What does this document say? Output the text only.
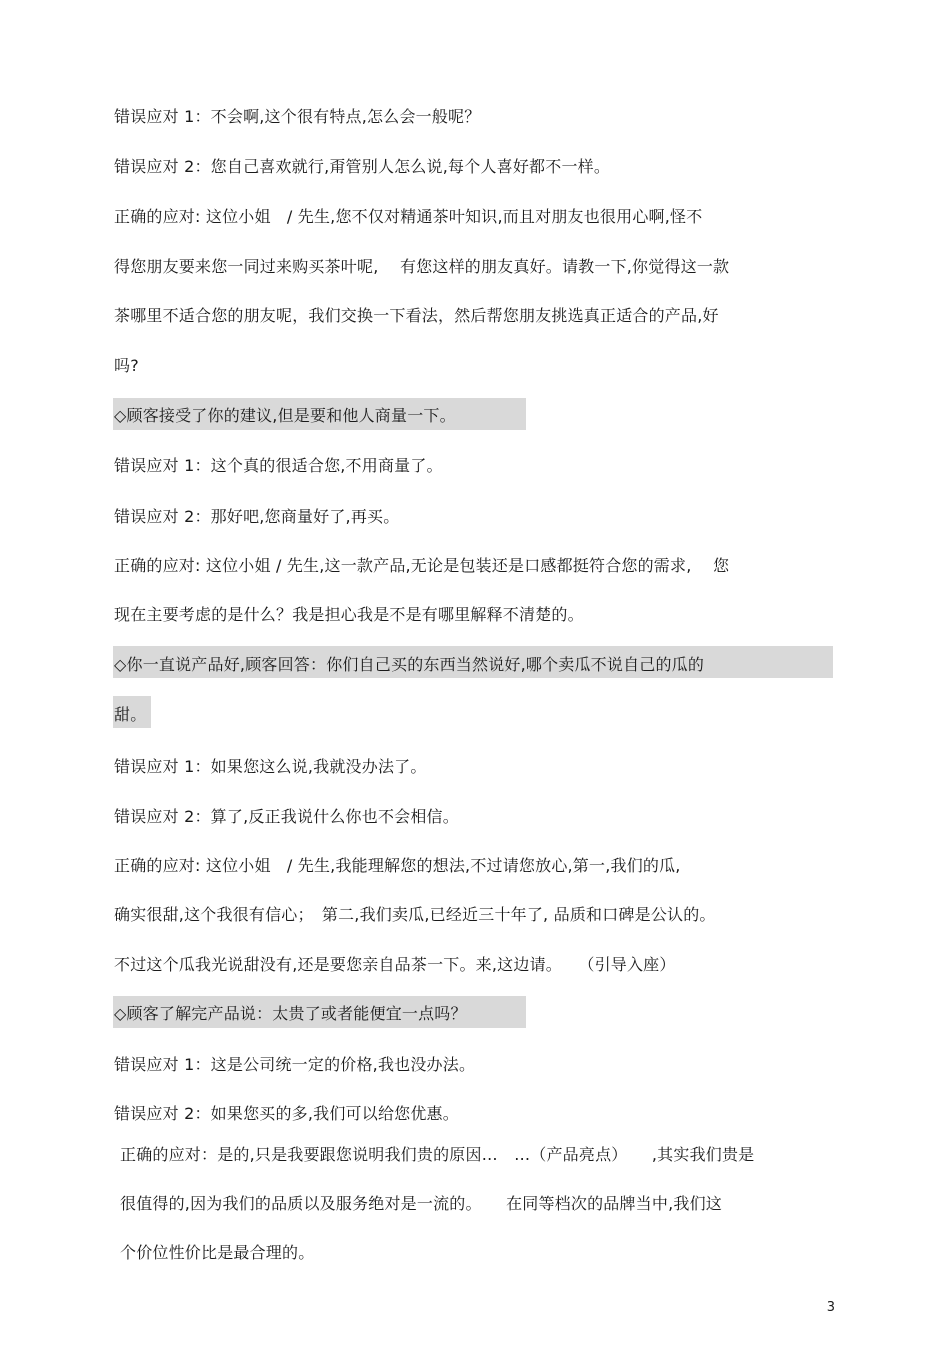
错误应对 1：不会啊,这个很有特点,怎么会一般呢？
错误应对 2：您自己喜欢就行,甭管别人怎么说,每个人喜好都不一样。
正确的应对: 这位小姐　/ 先生,您不仅对精通茶叶知识,而且对朋友也很用心啊,怪不
得您朋友要来您一同过来购买茶叶呢,　 有您这样的朋友真好。请教一下,你觉得这一款
茶哪里不适合您的朋友呢，我们交换一下看法，然后帮您朋友挑选真正适合的产品,好
吗?
◇顾客接受了你的建议,但是要和他人商量一下。
错误应对 1：这个真的很适合您,不用商量了。
错误应对 2：那好吧,您商量好了,再买。
正确的应对: 这位小姐 / 先生,这一款产品,无论是包装还是口感都挺符合您的需求,　 您
现在主要考虑的是什么？我是担心我是不是有哪里解释不清楚的。
◇你一直说产品好,顾客回答：你们自己买的东西当然说好,哪个卖瓜不说自己的瓜的
甜。
错误应对 1：如果您这么说,我就没办法了。
错误应对 2：算了,反正我说什么你也不会相信。
正确的应对: 这位小姐　/ 先生,我能理解您的想法,不过请您放心,第一,我们的瓜,
确实很甜,这个我很有信心；　第二,我们卖瓜,已经近三十年了, 品质和口碑是公认的。
不过这个瓜我光说甜没有,还是要您亲自品茶一下。来,这边请。　　（引导入座）
◇顾客了解完产品说：太贵了或者能便宜一点吗？
错误应对 1：这是公司统一定的价格,我也没办法。
错误应对 2：如果您买的多,我们可以给您优惠。
正确的应对：是的,只是我要跟您说明我们贵的原因…　…（产品亮点）　　,其实我们贵是
很值得的,因为我们的品质以及服务绝对是一流的。　　在同等档次的品牌当中,我们这
个价位性价比是最合理的。
3
